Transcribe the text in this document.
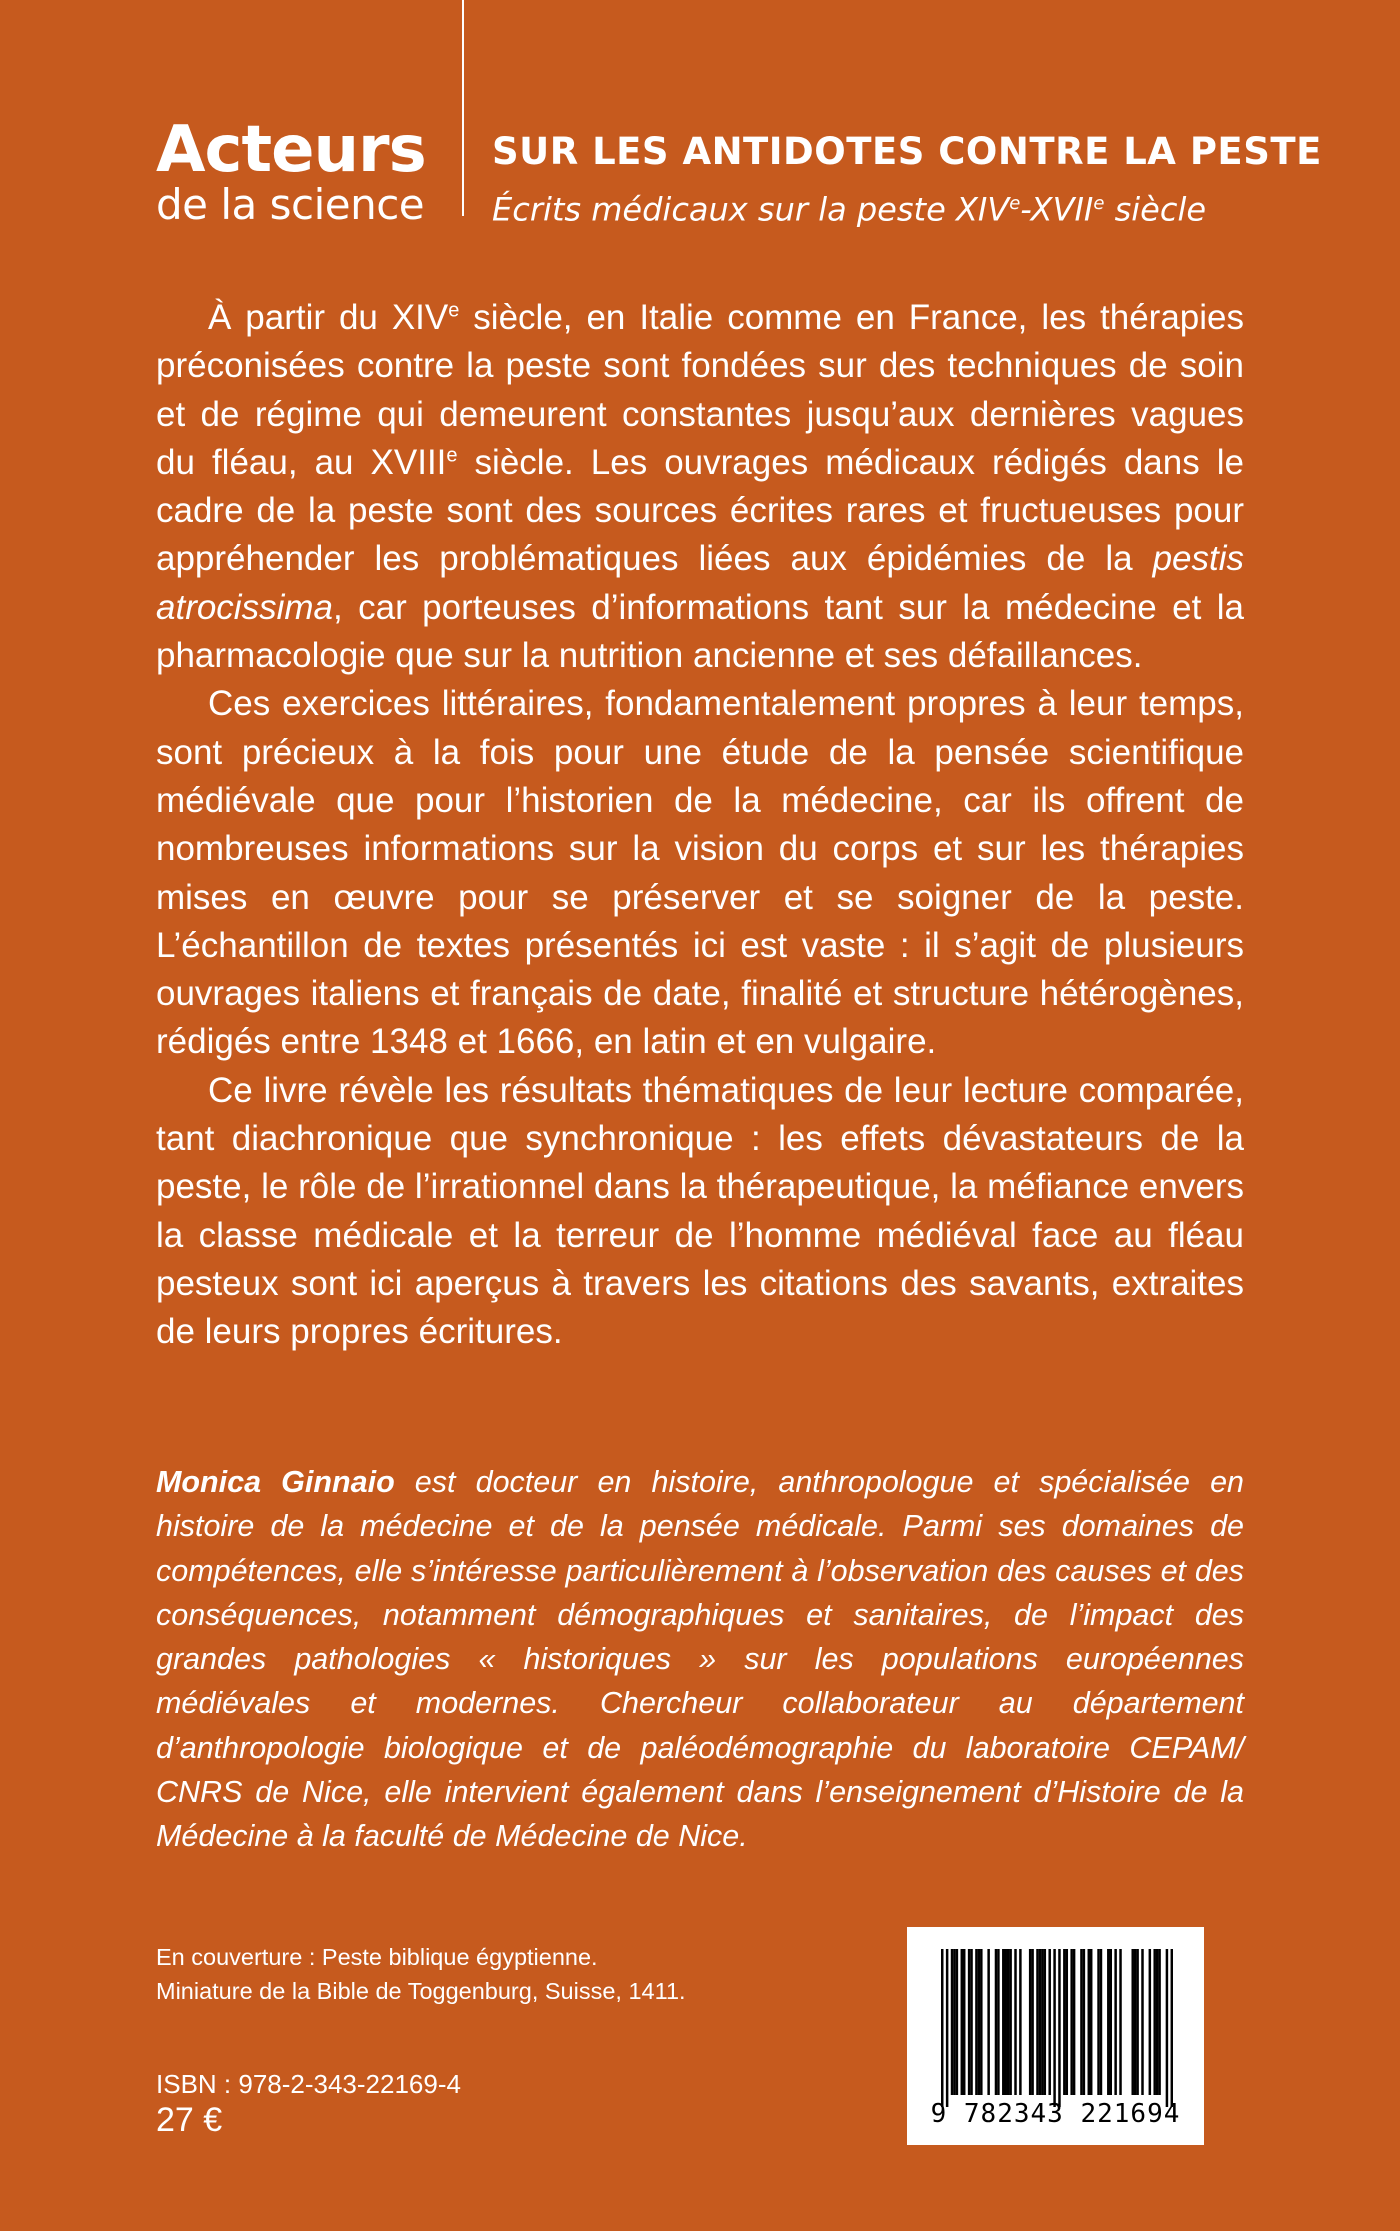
Acteurs
de la science
SUR LES ANTIDOTES CONTRE LA PESTE
Écrits médicaux sur la peste XIVe-XVIIe siècle

À partir du XIVe siècle, en Italie comme en France, les thérapies préconisées contre la peste sont fondées sur des techniques de soin et de régime qui demeurent constantes jusqu’aux dernières vagues du fléau, au XVIIIe siècle. Les ouvrages médicaux rédigés dans le cadre de la peste sont des sources écrites rares et fructueuses pour appréhender les problématiques liées aux épidémies de la pestis atrocissima, car porteuses d’informations tant sur la médecine et la pharmacologie que sur la nutrition ancienne et ses défaillances.

Ces exercices littéraires, fondamentalement propres à leur temps, sont précieux à la fois pour une étude de la pensée scientifique médiévale que pour l’historien de la médecine, car ils offrent de nombreuses informations sur la vision du corps et sur les thérapies mises en œuvre pour se préserver et se soigner de la peste. L’échantillon de textes présentés ici est vaste : il s’agit de plusieurs ouvrages italiens et français de date, finalité et structure hétérogènes, rédigés entre 1348 et 1666, en latin et en vulgaire.

Ce livre révèle les résultats thématiques de leur lecture comparée, tant diachronique que synchronique : les effets dévastateurs de la peste, le rôle de l’irrationnel dans la thérapeutique, la méfiance envers la classe médicale et la terreur de l’homme médiéval face au fléau pesteux sont ici aperçus à travers les citations des savants, extraites de leurs propres écritures.

Monica Ginnaio est docteur en histoire, anthropologue et spécialisée en histoire de la médecine et de la pensée médicale. Parmi ses domaines de compétences, elle s’intéresse particulièrement à l’observation des causes et des conséquences, notamment démographiques et sanitaires, de l’impact des grandes pathologies « historiques » sur les populations européennes médiévales et modernes. Chercheur collaborateur au département d’anthropologie biologique et de paléodémographie du laboratoire CEPAM/ CNRS de Nice, elle intervient également dans l’enseignement d’Histoire de la Médecine à la faculté de Médecine de Nice.

En couverture : Peste biblique égyptienne.
Miniature de la Bible de Toggenburg, Suisse, 1411.
ISBN : 978-2-343-22169-4
27 €	9 782343 221694
